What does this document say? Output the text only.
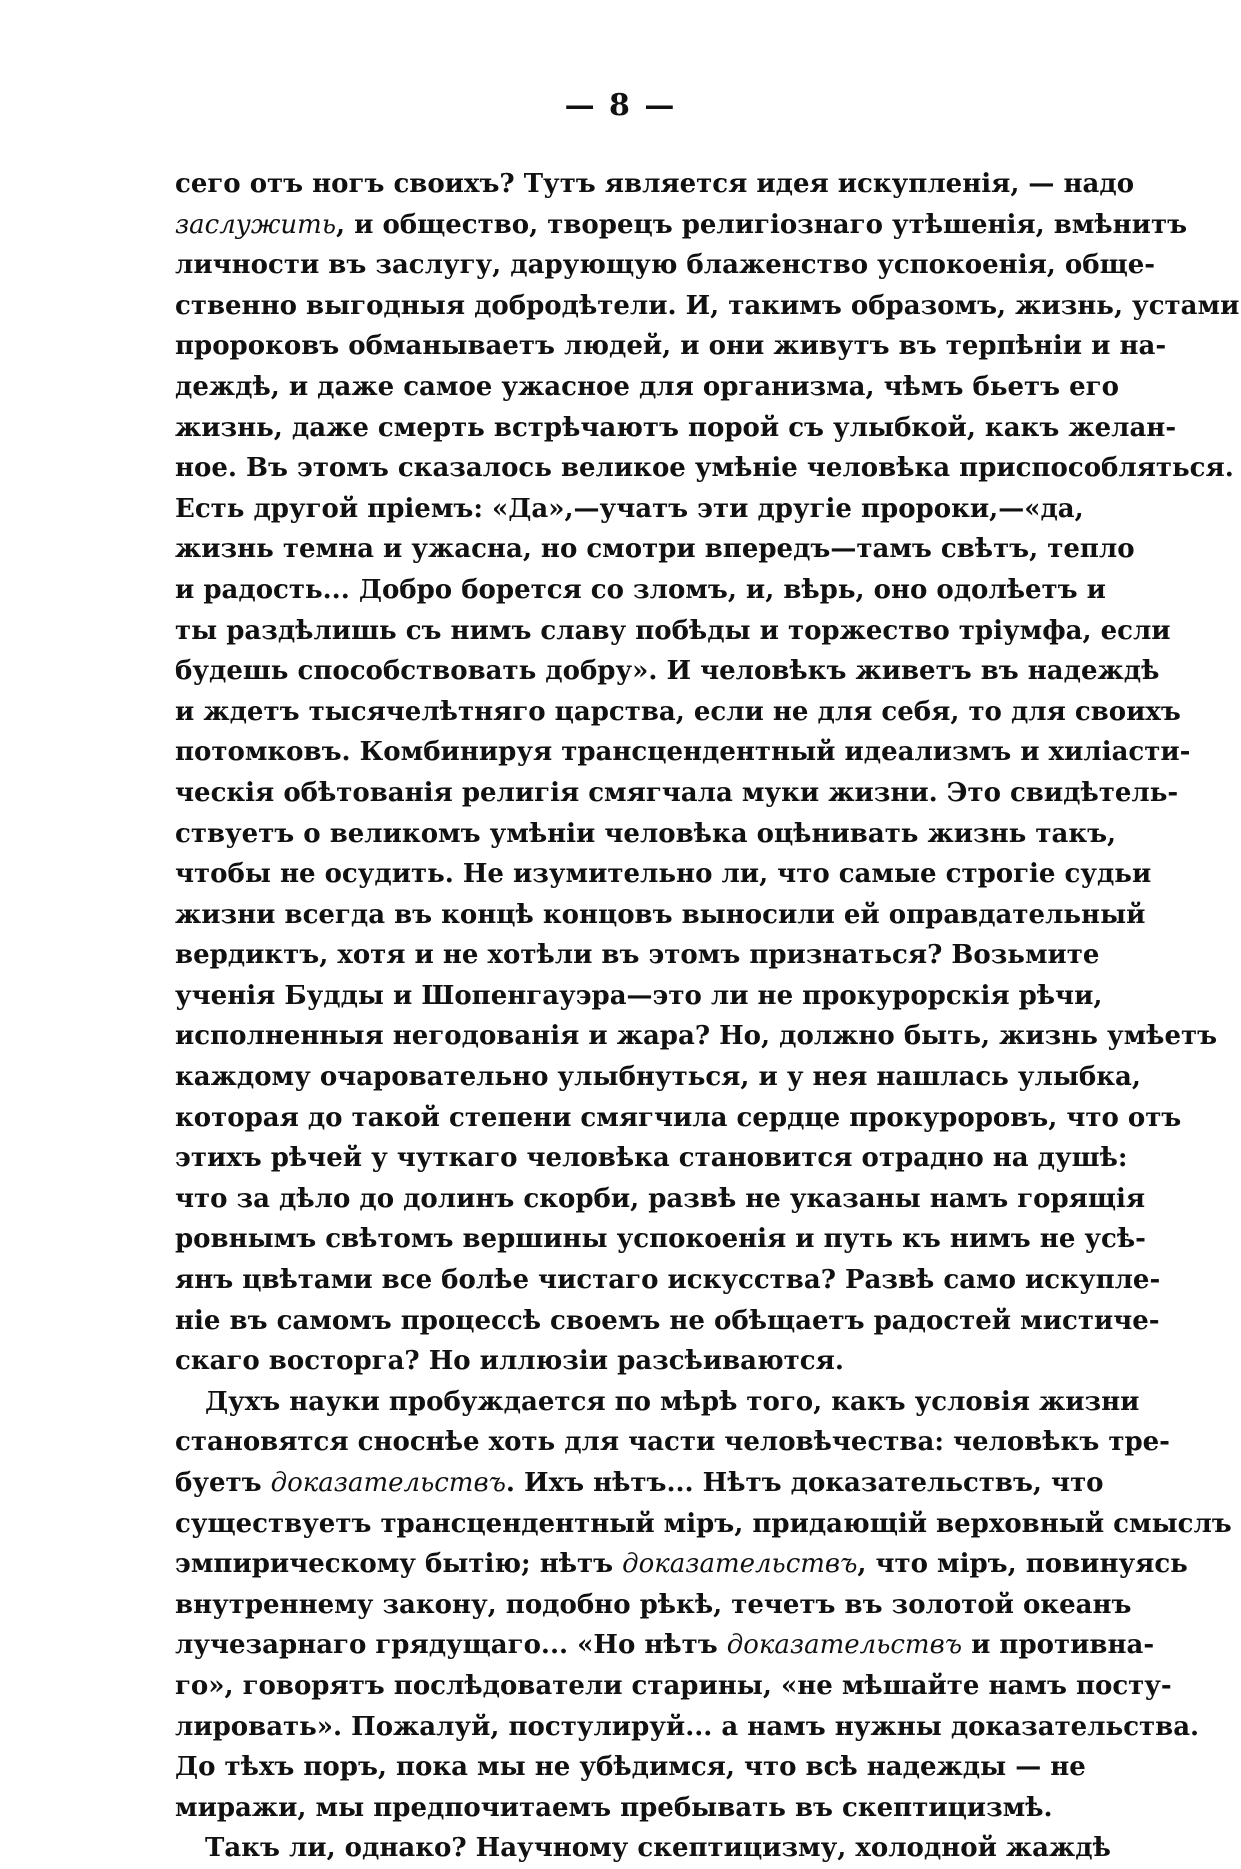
— 8 —
сего отъ ногъ своихъ? Тутъ является идея искупленія, — надо
заслужить, и общество, творецъ религіознаго утѣшенія, вмѣнитъ
личности въ заслугу, дарующую блаженство успокоенія, обще-
ственно выгодныя добродѣтели. И, такимъ образомъ, жизнь, устами
пророковъ обманываетъ людей, и они живутъ въ терпѣніи и на-
деждѣ, и даже самое ужасное для организма, чѣмъ бьетъ его
жизнь, даже смерть встрѣчаютъ порой съ улыбкой, какъ желан-
ное. Въ этомъ сказалось великое умѣніе человѣка приспособляться.
Есть другой пріемъ: «Да»,—учатъ эти другіе пророки,—«да,
жизнь темна и ужасна, но смотри впередъ—тамъ свѣтъ, тепло
и радость... Добро борется со зломъ, и, вѣрь, оно одолѣетъ и
ты раздѣлишь съ нимъ славу побѣды и торжество тріумфа, если
будешь способствовать добру». И человѣкъ живетъ въ надеждѣ
и ждетъ тысячелѣтняго царства, если не для себя, то для своихъ
потомковъ. Комбинируя трансцендентный идеализмъ и хиліасти-
ческія обѣтованія религія смягчала муки жизни. Это свидѣтель-
ствуетъ о великомъ умѣніи человѣка оцѣнивать жизнь такъ,
чтобы не осудить. Не изумительно ли, что самые строгіе судьи
жизни всегда въ концѣ концовъ выносили ей оправдательный
вердиктъ, хотя и не хотѣли въ этомъ признаться? Возьмите
ученія Будды и Шопенгауэра—это ли не прокурорскія рѣчи,
исполненныя негодованія и жара? Но, должно быть, жизнь умѣетъ
каждому очаровательно улыбнуться, и у нея нашлась улыбка,
которая до такой степени смягчила сердце прокуроровъ, что отъ
этихъ рѣчей у чуткаго человѣка становится отрадно на душѣ:
что за дѣло до долинъ скорби, развѣ не указаны намъ горящія
ровнымъ свѣтомъ вершины успокоенія и путь къ нимъ не усѣ-
янъ цвѣтами все болѣе чистаго искусства? Развѣ само искупле-
ніе въ самомъ процессѣ своемъ не обѣщаетъ радостей мистиче-
скаго восторга? Но иллюзіи разсѣиваются.
Духъ науки пробуждается по мѣрѣ того, какъ условія жизни
становятся сноснѣе хоть для части человѣчества: человѣкъ тре-
буетъ доказательствъ. Ихъ нѣтъ... Нѣтъ доказательствъ, что
существуетъ трансцендентный міръ, придающій верховный смыслъ
эмпирическому бытію; нѣтъ доказательствъ, что міръ, повинуясь
внутреннему закону, подобно рѣкѣ, течетъ въ золотой океанъ
лучезарнаго грядущаго... «Но нѣтъ доказательствъ и противна-
го», говорятъ послѣдователи старины, «не мѣшайте намъ посту-
лировать». Пожалуй, постулируй... а намъ нужны доказательства.
До тѣхъ поръ, пока мы не убѣдимся, что всѣ надежды — не
миражи, мы предпочитаемъ пребывать въ скептицизмѣ.
Такъ ли, однако? Научному скептицизму, холодной жаждѣ
